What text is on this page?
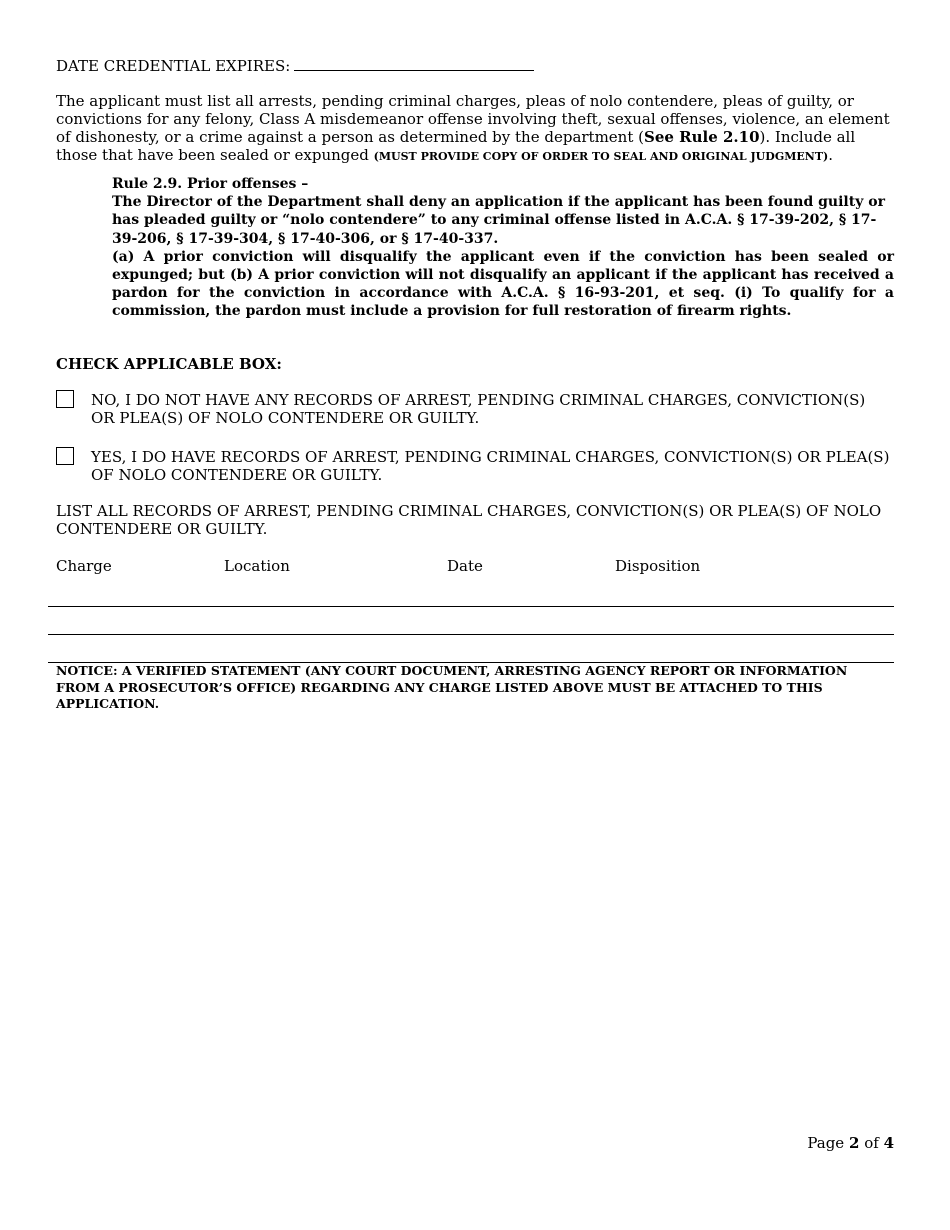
DATE CREDENTIAL EXPIRES:

The applicant must list all arrests, pending criminal charges, pleas of nolo contendere, pleas of guilty, or convictions for any felony, Class A misdemeanor offense involving theft, sexual offenses, violence, an element of dishonesty, or a crime against a person as determined by the department (See Rule 2.10). Include all those that have been sealed or expunged (MUST PROVIDE COPY OF ORDER TO SEAL AND ORIGINAL JUDGMENT).

Rule 2.9. Prior offenses –

The Director of the Department shall deny an application if the applicant has been found guilty or has pleaded guilty or “nolo contendere” to any criminal offense listed in A.C.A. § 17-39-202, § 17-39-206, § 17-39-304, § 17-40-306, or § 17-40-337.

(a) A prior conviction will disqualify the applicant even if the conviction has been sealed or expunged; but (b) A prior conviction will not disqualify an applicant if the applicant has received a pardon for the conviction in accordance with A.C.A. § 16-93-201, et seq. (i) To qualify for a commission, the pardon must include a provision for full restoration of firearm rights.

CHECK APPLICABLE BOX:

NO, I DO NOT HAVE ANY RECORDS OF ARREST, PENDING CRIMINAL CHARGES, CONVICTION(S) OR PLEA(S) OF NOLO CONTENDERE OR GUILTY.

YES, I DO HAVE RECORDS OF ARREST, PENDING CRIMINAL CHARGES, CONVICTION(S) OR PLEA(S) OF NOLO CONTENDERE OR GUILTY.

LIST ALL RECORDS OF ARREST, PENDING CRIMINAL CHARGES, CONVICTION(S) OR PLEA(S) OF NOLO CONTENDERE OR GUILTY.

Charge	Location	Date	Disposition

NOTICE: A VERIFIED STATEMENT (ANY COURT DOCUMENT, ARRESTING AGENCY REPORT OR INFORMATION FROM A PROSECUTOR’S OFFICE) REGARDING ANY CHARGE LISTED ABOVE MUST BE ATTACHED TO THIS APPLICATION.

Page 2 of 4
